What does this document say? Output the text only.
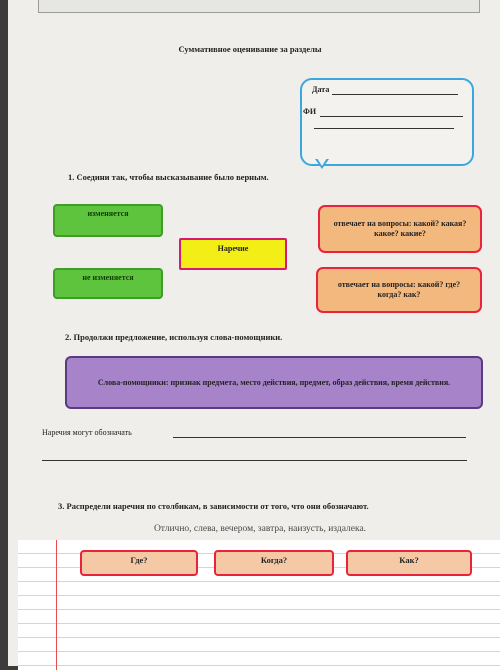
Суммативное оценивание за разделы
Дата
ФИ
1. Соедини так, чтобы высказывание было верным.
изменяется
не изменяется
Наречие
отвечает на вопросы: какой? какая? какое? какие?
отвечает на вопросы: какой? где? когда? как?
2. Продолжи предложение, используя слова-помощники.
Слова-помощники: признак предмета, место действия, предмет, образ действия, время действия.
Наречия могут обозначать
3. Распредели наречия по столбикам, в зависимости от того, что они обозначают.
Отлично, слева, вечером, завтра, наизусть, издалека.
Где?	Когда?	Как?
